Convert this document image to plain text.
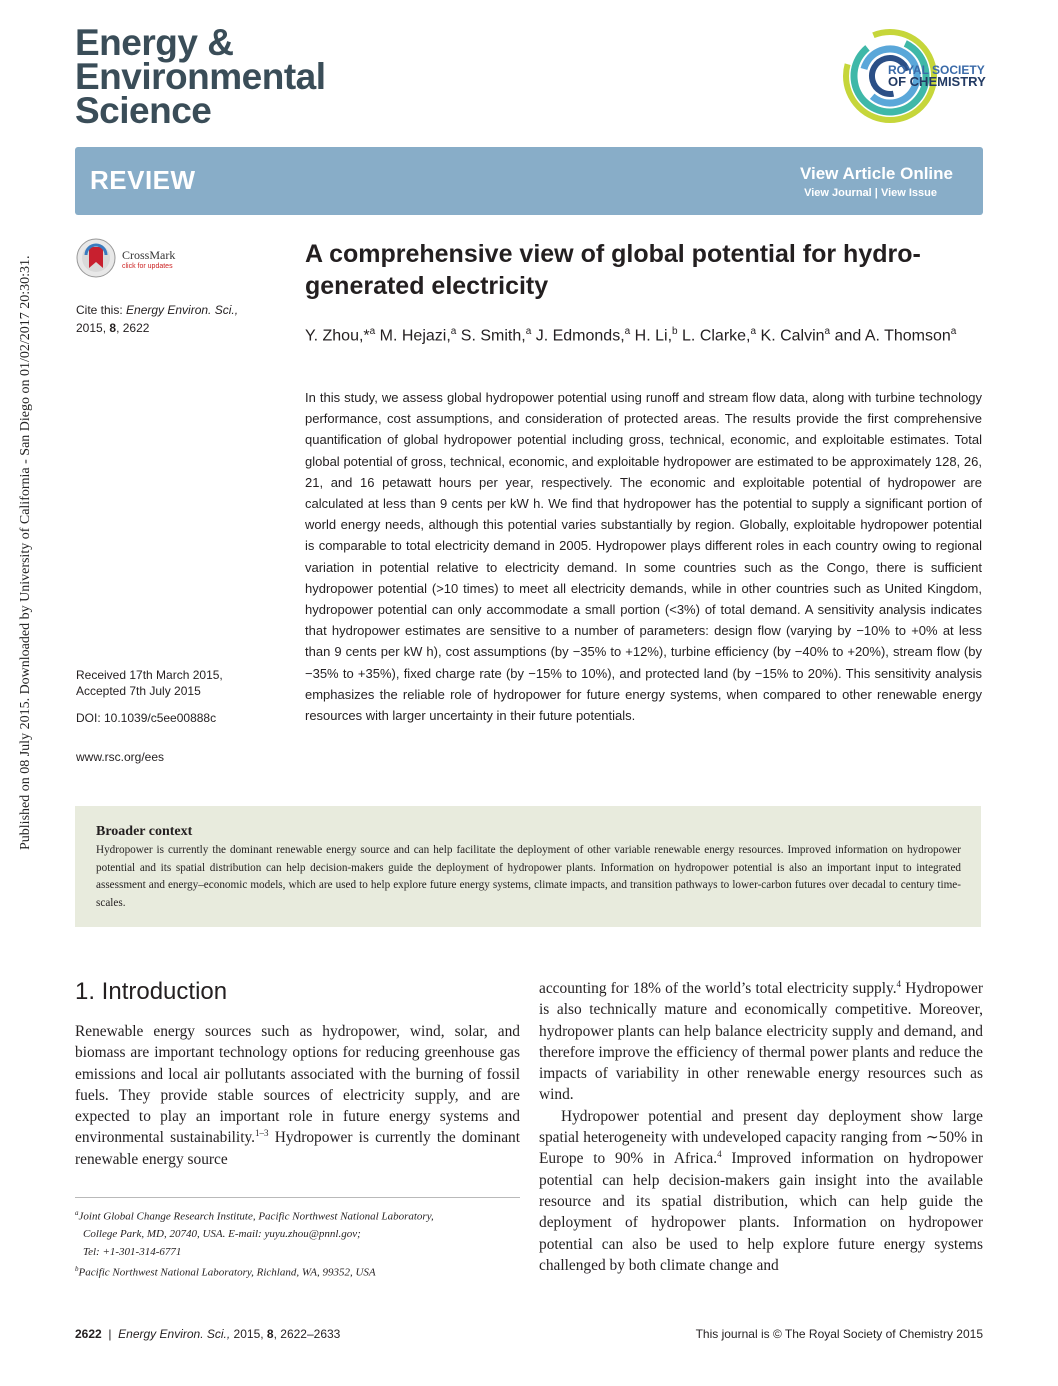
Published on 08 July 2015. Downloaded by University of California - San Diego on 01/02/2017 20:30:31.
Energy &
Environmental
Science
ROYAL SOCIETY
OF CHEMISTRY
REVIEW	View Article Online
View Journal | View Issue
CrossMark
click for updates
Cite this: Energy Environ. Sci.,
2015, 8, 2622
Received 17th March 2015,
Accepted 7th July 2015
DOI: 10.1039/c5ee00888c
www.rsc.org/ees
A comprehensive view of global potential for hydro-generated electricity
Y. Zhou,*$^a$ M. Hejazi,$^a$ S. Smith,$^a$ J. Edmonds,$^a$ H. Li,$^b$ L. Clarke,$^a$ K. Calvin$^a$ and A. Thomson$^a$
In this study, we assess global hydropower potential using runoff and stream flow data, along with turbine technology performance, cost assumptions, and consideration of protected areas. The results provide the first comprehensive quantification of global hydropower potential including gross, technical, economic, and exploitable estimates. Total global potential of gross, technical, economic, and exploitable hydropower are estimated to be approximately 128, 26, 21, and 16 petawatt hours per year, respectively. The economic and exploitable potential of hydropower are calculated at less than 9 cents per kW h. We find that hydropower has the potential to supply a significant portion of world energy needs, although this potential varies substantially by region. Globally, exploitable hydropower potential is comparable to total electricity demand in 2005. Hydropower plays different roles in each country owing to regional variation in potential relative to electricity demand. In some countries such as the Congo, there is sufficient hydropower potential (>10 times) to meet all electricity demands, while in other countries such as United Kingdom, hydropower potential can only accommodate a small portion (<3%) of total demand. A sensitivity analysis indicates that hydropower estimates are sensitive to a number of parameters: design flow (varying by −10% to +0% at less than 9 cents per kW h), cost assumptions (by −35% to +12%), turbine efficiency (by −40% to +20%), stream flow (by −35% to +35%), fixed charge rate (by −15% to 10%), and protected land (by −15% to 20%). This sensitivity analysis emphasizes the reliable role of hydropower for future energy systems, when compared to other renewable energy resources with larger uncertainty in their future potentials.
Broader context
Hydropower is currently the dominant renewable energy source and can help facilitate the deployment of other variable renewable energy resources. Improved information on hydropower potential and its spatial distribution can help decision-makers guide the deployment of hydropower plants. Information on hydropower potential is also an important input to integrated assessment and energy–economic models, which are used to help explore future energy systems, climate impacts, and transition pathways to lower-carbon futures over decadal to century time-scales.
1. Introduction

Renewable energy sources such as hydropower, wind, solar, and biomass are important technology options for reducing greenhouse gas emissions and local air pollutants associated with the burning of fossil fuels. They provide stable sources of electricity supply, and are expected to play an important role in future energy systems and environmental sustainability.$^{1-3}$ Hydropower is currently the dominant renewable energy source

$^a$Joint Global Change Research Institute, Pacific Northwest National Laboratory,
College Park, MD, 20740, USA. E-mail: yuyu.zhou@pnnl.gov;
Tel: +1-301-314-6771
$^b$Pacific Northwest National Laboratory, Richland, WA, 99352, USA

accounting for 18% of the world’s total electricity supply.$^4$ Hydropower is also technically mature and economically competitive. Moreover, hydropower plants can help balance electricity supply and demand, and therefore improve the efficiency of thermal power plants and reduce the impacts of variability in other renewable energy resources such as wind.

Hydropower potential and present day deployment show large spatial heterogeneity with undeveloped capacity ranging from ∼50% in Europe to 90% in Africa.$^4$ Improved information on hydropower potential can help decision-makers gain insight into the available resource and its spatial distribution, which can help guide the deployment of hydropower plants. Information on hydropower potential can also be used to help explore future energy systems challenged by both climate change and

2622  |  Energy Environ. Sci., 2015, 8, 2622–2633	This journal is © The Royal Society of Chemistry 2015
